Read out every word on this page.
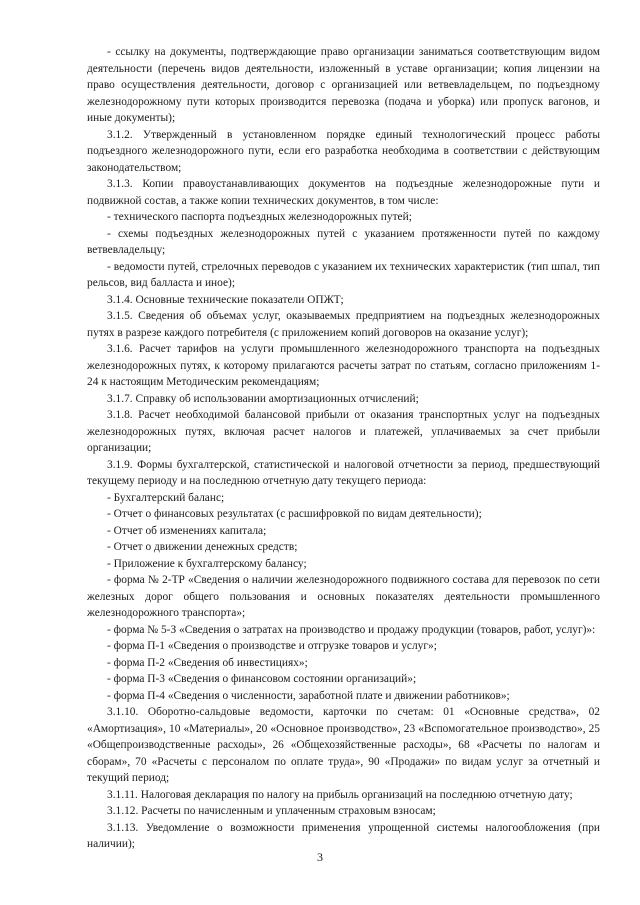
- ссылку на документы, подтверждающие право организации заниматься соответствующим видом деятельности (перечень видов деятельности, изложенный в уставе организации; копия лицензии на право осуществления деятельности, договор с организацией или ветвевладельцем, по подъездному железнодорожному пути которых производится перевозка (подача и уборка) или пропуск вагонов, и иные документы);

3.1.2. Утвержденный в установленном порядке единый технологический процесс работы подъездного железнодорожного пути, если его разработка необходима в соответствии с действующим законодательством;

3.1.3. Копии правоустанавливающих документов на подъездные железнодорожные пути и подвижной состав, а также копии технических документов, в том числе:

- технического паспорта подъездных железнодорожных путей;

- схемы подъездных железнодорожных путей с указанием протяженности путей по каждому ветвевладельцу;

- ведомости путей, стрелочных переводов с указанием их технических характеристик (тип шпал, тип рельсов, вид балласта и иное);

3.1.4. Основные технические показатели ОПЖТ;

3.1.5. Сведения об объемах услуг, оказываемых предприятием на подъездных железнодорожных путях в разрезе каждого потребителя (с приложением копий договоров на оказание услуг);

3.1.6. Расчет тарифов на услуги промышленного железнодорожного транспорта на подъездных железнодорожных путях, к которому прилагаются расчеты затрат по статьям, согласно приложениям 1-24 к настоящим Методическим рекомендациям;

3.1.7. Справку об использовании амортизационных отчислений;

3.1.8. Расчет необходимой балансовой прибыли от оказания транспортных услуг на подъездных железнодорожных путях, включая расчет налогов и платежей, уплачиваемых за счет прибыли организации;

3.1.9. Формы бухгалтерской, статистической и налоговой отчетности за период, предшествующий текущему периоду и на последнюю отчетную дату текущего периода:

- Бухгалтерский баланс;

- Отчет о финансовых результатах (с расшифровкой по видам деятельности);

- Отчет об изменениях капитала;

- Отчет о движении денежных средств;

- Приложение к бухгалтерскому балансу;

- форма № 2-ТР «Сведения о наличии железнодорожного подвижного состава для перевозок по сети железных дорог общего пользования и основных показателях деятельности промышленного железнодорожного транспорта»;

- форма № 5-З «Сведения о затратах на производство и продажу продукции (товаров, работ, услуг)»:

- форма П-1 «Сведения о производстве и отгрузке товаров и услуг»;

- форма П-2 «Сведения об инвестициях»;

- форма П-3 «Сведения о финансовом состоянии организаций»;

- форма П-4 «Сведения о численности, заработной плате и движении работников»;

3.1.10. Оборотно-сальдовые ведомости, карточки по счетам: 01 «Основные средства», 02 «Амортизация», 10 «Материалы», 20 «Основное производство», 23 «Вспомогательное производство», 25 «Общепроизводственные расходы», 26 «Общехозяйственные расходы», 68 «Расчеты по налогам и сборам», 70 «Расчеты с персоналом по оплате труда», 90 «Продажи» по видам услуг за отчетный и текущий период;

3.1.11. Налоговая декларация по налогу на прибыль организаций на последнюю отчетную дату;

3.1.12. Расчеты по начисленным и уплаченным страховым взносам;

3.1.13. Уведомление о возможности применения упрощенной системы налогообложения (при наличии);

3
